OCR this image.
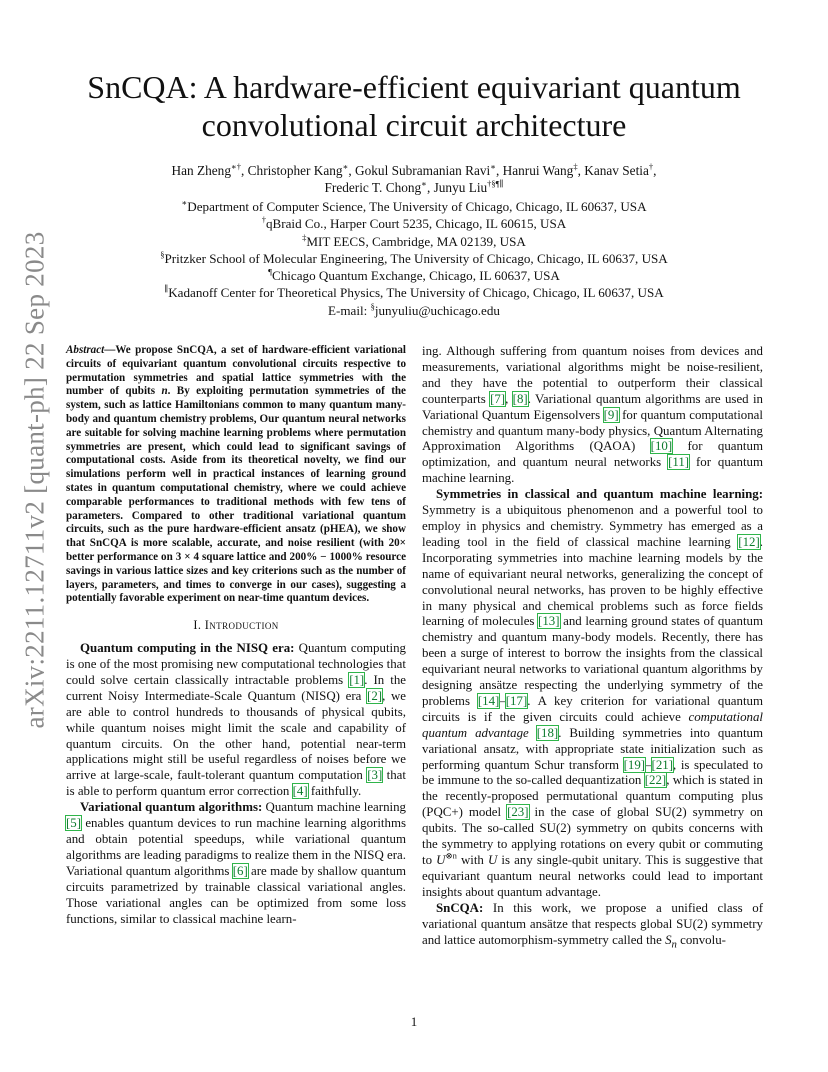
arXiv:2211.12711v2 [quant-ph] 22 Sep 2023
SnCQA: A hardware-efficient equivariant quantum
convolutional circuit architecture
Han Zheng∗†, Christopher Kang∗, Gokul Subramanian Ravi∗, Hanrui Wang‡, Kanav Setia†,
Frederic T. Chong∗, Junyu Liu†§¶∥
∗Department of Computer Science, The University of Chicago, Chicago, IL 60637, USA
†qBraid Co., Harper Court 5235, Chicago, IL 60615, USA
‡MIT EECS, Cambridge, MA 02139, USA
§Pritzker School of Molecular Engineering, The University of Chicago, Chicago, IL 60637, USA
¶Chicago Quantum Exchange, Chicago, IL 60637, USA
∥Kadanoff Center for Theoretical Physics, The University of Chicago, Chicago, IL 60637, USA
E-mail: §junyuliu@uchicago.edu

Abstract—We propose SnCQA, a set of hardware-efficient variational circuits of equivariant quantum convolutional circuits respective to permutation symmetries and spatial lattice symmetries with the number of qubits n. By exploiting permutation symmetries of the system, such as lattice Hamiltonians common to many quantum many-body and quantum chemistry problems, Our quantum neural networks are suitable for solving machine learning problems where permutation symmetries are present, which could lead to significant savings of computational costs. Aside from its theoretical novelty, we find our simulations perform well in practical instances of learning ground states in quantum computational chemistry, where we could achieve comparable performances to traditional methods with few tens of parameters. Compared to other traditional variational quantum circuits, such as the pure hardware-efficient ansatz (pHEA), we show that SnCQA is more scalable, accurate, and noise resilient (with 20× better performance on 3 × 4 square lattice and 200% − 1000% resource savings in various lattice sizes and key criterions such as the number of layers, parameters, and times to converge in our cases), suggesting a potentially favorable experiment on near-time quantum devices.

I. Introduction

Quantum computing in the NISQ era: Quantum computing is one of the most promising new computational technologies that could solve certain classically intractable problems [1]. In the current Noisy Intermediate-Scale Quantum (NISQ) era [2], we are able to control hundreds to thousands of physical qubits, while quantum noises might limit the scale and capability of quantum circuits. On the other hand, potential near-term applications might still be useful regardless of noises before we arrive at large-scale, fault-tolerant quantum computation [3] that is able to perform quantum error correction [4] faithfully.

Variational quantum algorithms: Quantum machine learning [5] enables quantum devices to run machine learning algorithms and obtain potential speedups, while variational quantum algorithms are leading paradigms to realize them in the NISQ era. Variational quantum algorithms [6] are made by shallow quantum circuits parametrized by trainable classical variational angles. Those variational angles can be optimized from some loss functions, similar to classical machine learn-

ing. Although suffering from quantum noises from devices and measurements, variational algorithms might be noise-resilient, and they have the potential to outperform their classical counterparts [7], [8]. Variational quantum algorithms are used in Variational Quantum Eigensolvers [9] for quantum computational chemistry and quantum many-body physics, Quantum Alternating Approximation Algorithms (QAOA) [10] for quantum optimization, and quantum neural networks [11] for quantum machine learning.

Symmetries in classical and quantum machine learning: Symmetry is a ubiquitous phenomenon and a powerful tool to employ in physics and chemistry. Symmetry has emerged as a leading tool in the field of classical machine learning [12]. Incorporating symmetries into machine learning models by the name of equivariant neural networks, generalizing the concept of convolutional neural networks, has proven to be highly effective in many physical and chemical problems such as force fields learning of molecules [13] and learning ground states of quantum chemistry and quantum many-body models. Recently, there has been a surge of interest to borrow the insights from the classical equivariant neural networks to variational quantum algorithms by designing ansätze respecting the underlying symmetry of the problems [14]–[17]. A key criterion for variational quantum circuits is if the given circuits could achieve computational quantum advantage [18]. Building symmetries into quantum variational ansatz, with appropriate state initialization such as performing quantum Schur transform [19]–[21], is speculated to be immune to the so-called dequantization [22], which is stated in the recently-proposed permutational quantum computing plus (PQC+) model [23] in the case of global SU(2) symmetry on qubits. The so-called SU(2) symmetry on qubits concerns with the symmetry to applying rotations on every qubit or commuting to $U^{\otimes n}$ with U is any single-qubit unitary. This is suggestive that equivariant quantum neural networks could lead to important insights about quantum advantage.

SnCQA: In this work, we propose a unified class of variational quantum ansätze that respects global SU(2) symmetry and lattice automorphism-symmetry called the $S_n$ convolu-

1
